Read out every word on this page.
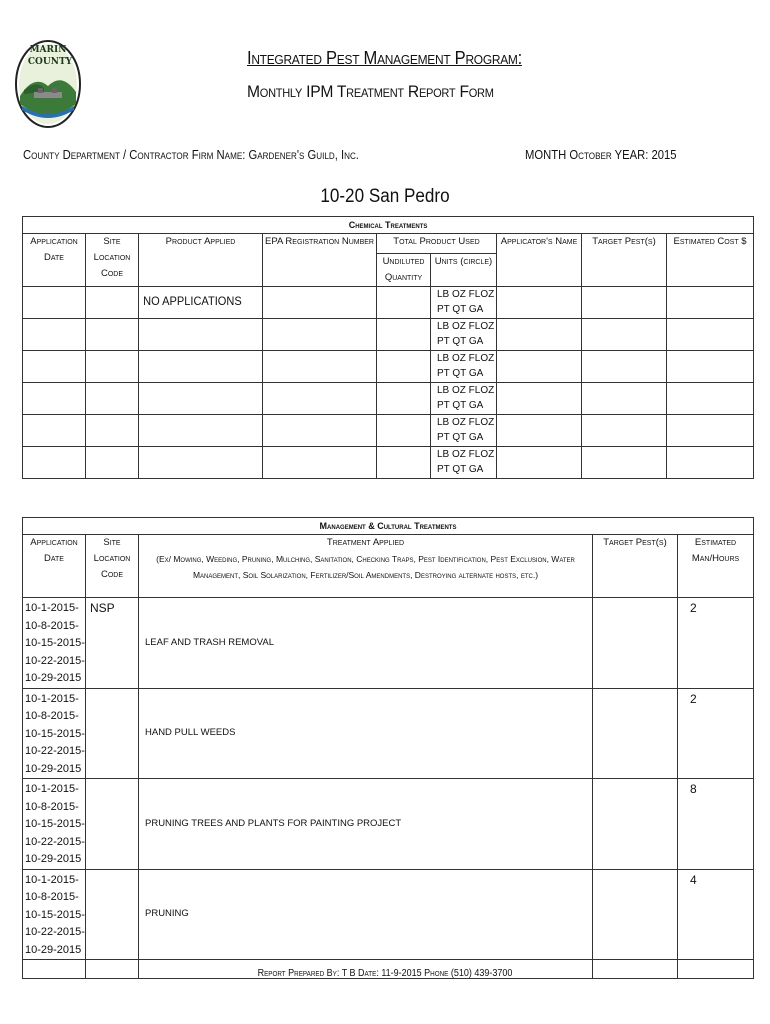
MARIN
COUNTY	Integrated Pest Management Program:
Monthly IPM Treatment Report Form
County Department / Contractor Firm Name: Gardener's Guild, Inc.	MONTH October YEAR: 2015
10-20 San Pedro
Chemical Treatments								
Application Date	Site Location Code	Product Applied	EPA Registration Number	Total Product Used		Applicator's Name	Target Pest(s)	Estimated Cost $
				Undiluted Quantity	Units (circle)			
		NO APPLICATIONS			LB OZ FLOZ
PT QT GA			

					LB OZ FLOZ
PT QT GA			

					LB OZ FLOZ
PT QT GA			

					LB OZ FLOZ
PT QT GA			

					LB OZ FLOZ
PT QT GA			

					LB OZ FLOZ
PT QT GA			

Management & Cultural Treatments				
Application Date	Site Location Code	Treatment Applied
(Ex/ Mowing, Weeding, Pruning, Mulching, Sanitation, Checking Traps, Pest Identification, Pest Exclusion, Water Management, Soil Solarization, Fertilizer/Soil Amendments, Destroying alternate hosts, etc.)	Target Pest(s)	Estimated Man/Hours

10-1-2015-
10-8-2015-
10-15-2015-
10-22-2015-
10-29-2015	NSP	LEAF AND TRASH REMOVAL		2

10-1-2015-
10-8-2015-
10-15-2015-
10-22-2015-
10-29-2015		HAND PULL WEEDS		2

10-1-2015-
10-8-2015-
10-15-2015-
10-22-2015-
10-29-2015		PRUNING TREES AND PLANTS FOR PAINTING PROJECT		8

10-1-2015-
10-8-2015-
10-15-2015-
10-22-2015-
10-29-2015		PRUNING		4

Report Prepared By: T B Date: 11-9-2015 Phone (510) 439-3700
